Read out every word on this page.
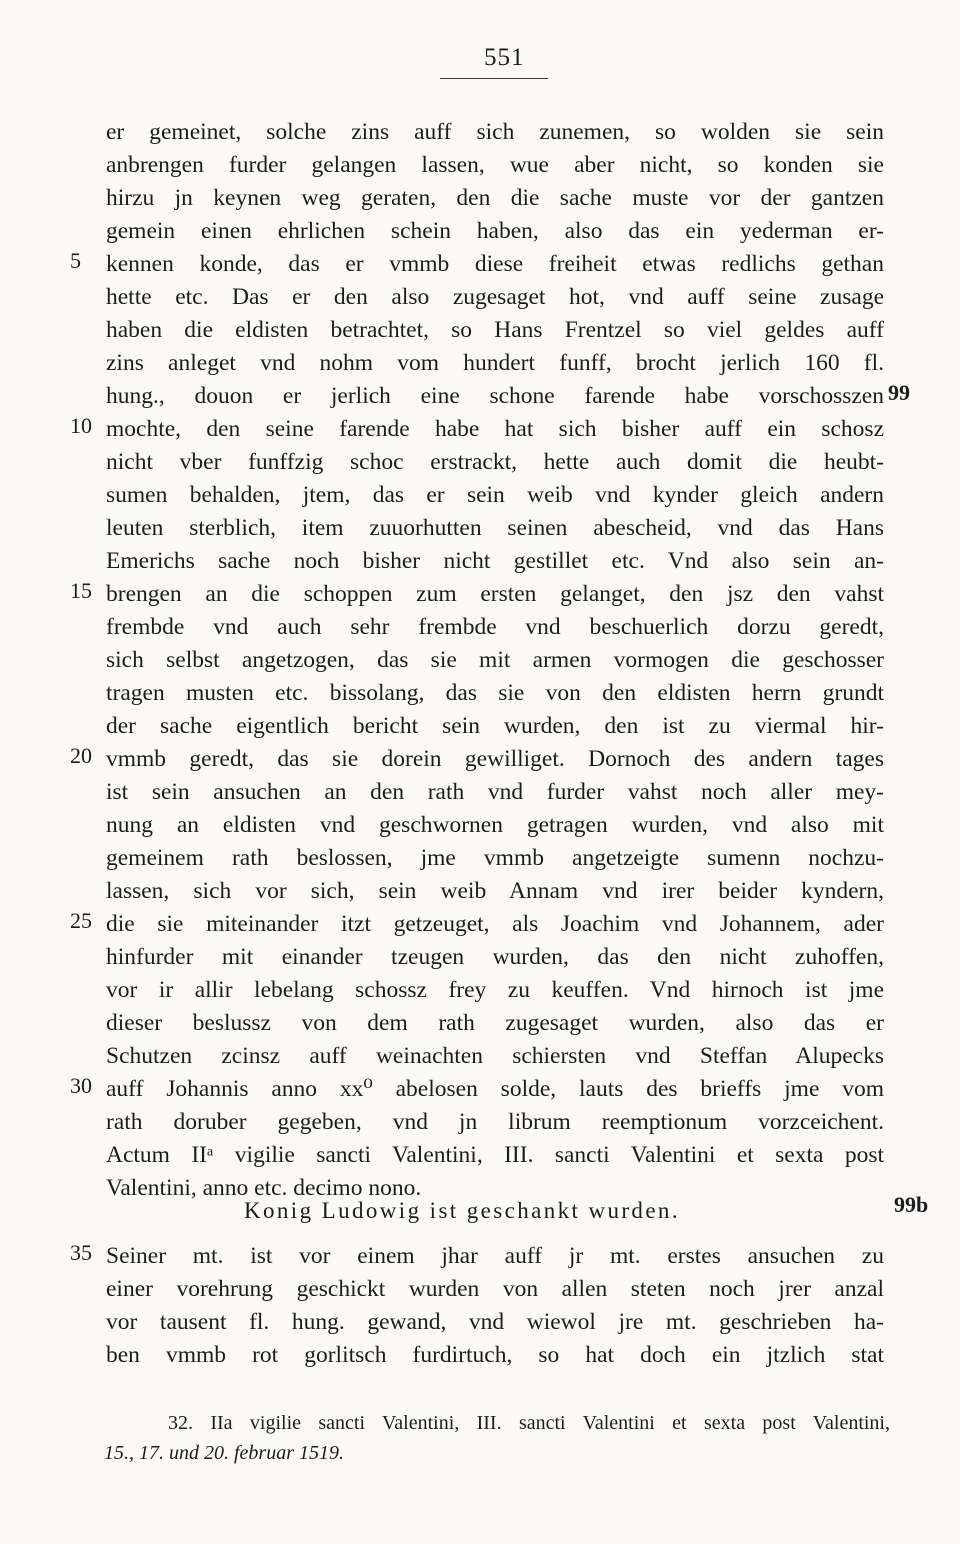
551
er gemeinet, solche zins auff sich zunemen, so wolden sie sein
anbrengen furder gelangen lassen, wue aber nicht, so konden sie
hirzu jn keynen weg geraten, den die sache muste vor der gantzen
gemein einen ehrlichen schein haben, also das ein yederman er-
5	kennen konde, das er vmmb diese freiheit etwas redlichs gethan
hette etc. Das er den also zugesaget hot, vnd auff seine zusage
haben die eldisten betrachtet, so Hans Frentzel so viel geldes auff
zins anleget vnd nohm vom hundert funff, brocht jerlich 160 fl.
hung., douon er jerlich eine schone farende habe vorschosszen 99
10 mochte, den seine farende habe hat sich bisher auff ein schosz
nicht vber funffzig schoc erstrackt, hette auch domit die heubt-
sumen behalden, jtem, das er sein weib vnd kynder gleich andern
leuten sterblich, item zuuorhutten seinen abescheid, vnd das Hans
Emerichs sache noch bisher nicht gestillet etc. Vnd also sein an-
15 brengen an die schoppen zum ersten gelanget, den jsz den vahst
frembde vnd auch sehr frembde vnd beschuerlich dorzu geredt,
sich selbst angetzogen, das sie mit armen vormogen die geschosser
tragen musten etc. bissolang, das sie von den eldisten herrn grundt
der sache eigentlich bericht sein wurden, den ist zu viermal hir-
20 vmmb geredt, das sie dorein gewilliget. Dornoch des andern tages
ist sein ansuchen an den rath vnd furder vahst noch aller mey-
nung an eldisten vnd geschwornen getragen wurden, vnd also mit
gemeinem rath beslossen, jme vmmb angetzeigte sumenn nochzu-
lassen, sich vor sich, sein weib Annam vnd irer beider kyndern,
25 die sie miteinander itzt getzeuget, als Joachim vnd Johannem, ader
hinfurder mit einander tzeugen wurden, das den nicht zuhoffen,
vor ir allir lebelang schossz frey zu keuffen. Vnd hirnoch ist jme
dieser beslussz von dem rath zugesaget wurden, also das er
Schutzen zcinsz auff weinachten schiersten vnd Steffan Alupecks
30 auff Johannis anno xx⁰ abelosen solde, lauts des brieffs jme vom
rath doruber gegeben, vnd jn librum reemptionum vorzceichent.
Actum IIᵃ vigilie sancti Valentini, III. sancti Valentini et sexta post
Valentini, anno etc. decimo nono.
Konig Ludowig ist geschankt wurden.	99b
35 Seiner mt. ist vor einem jhar auff jr mt. erstes ansuchen zu
einer vorehrung geschickt wurden von allen steten noch jrer anzal
vor tausent fl. hung. gewand, vnd wiewol jre mt. geschrieben ha-
ben vmmb rot gorlitsch furdirtuch, so hat doch ein jtzlich stat
32. IIa vigilie sancti Valentini, III. sancti Valentini et sexta post Valentini,
15., 17. und 20. februar 1519.
